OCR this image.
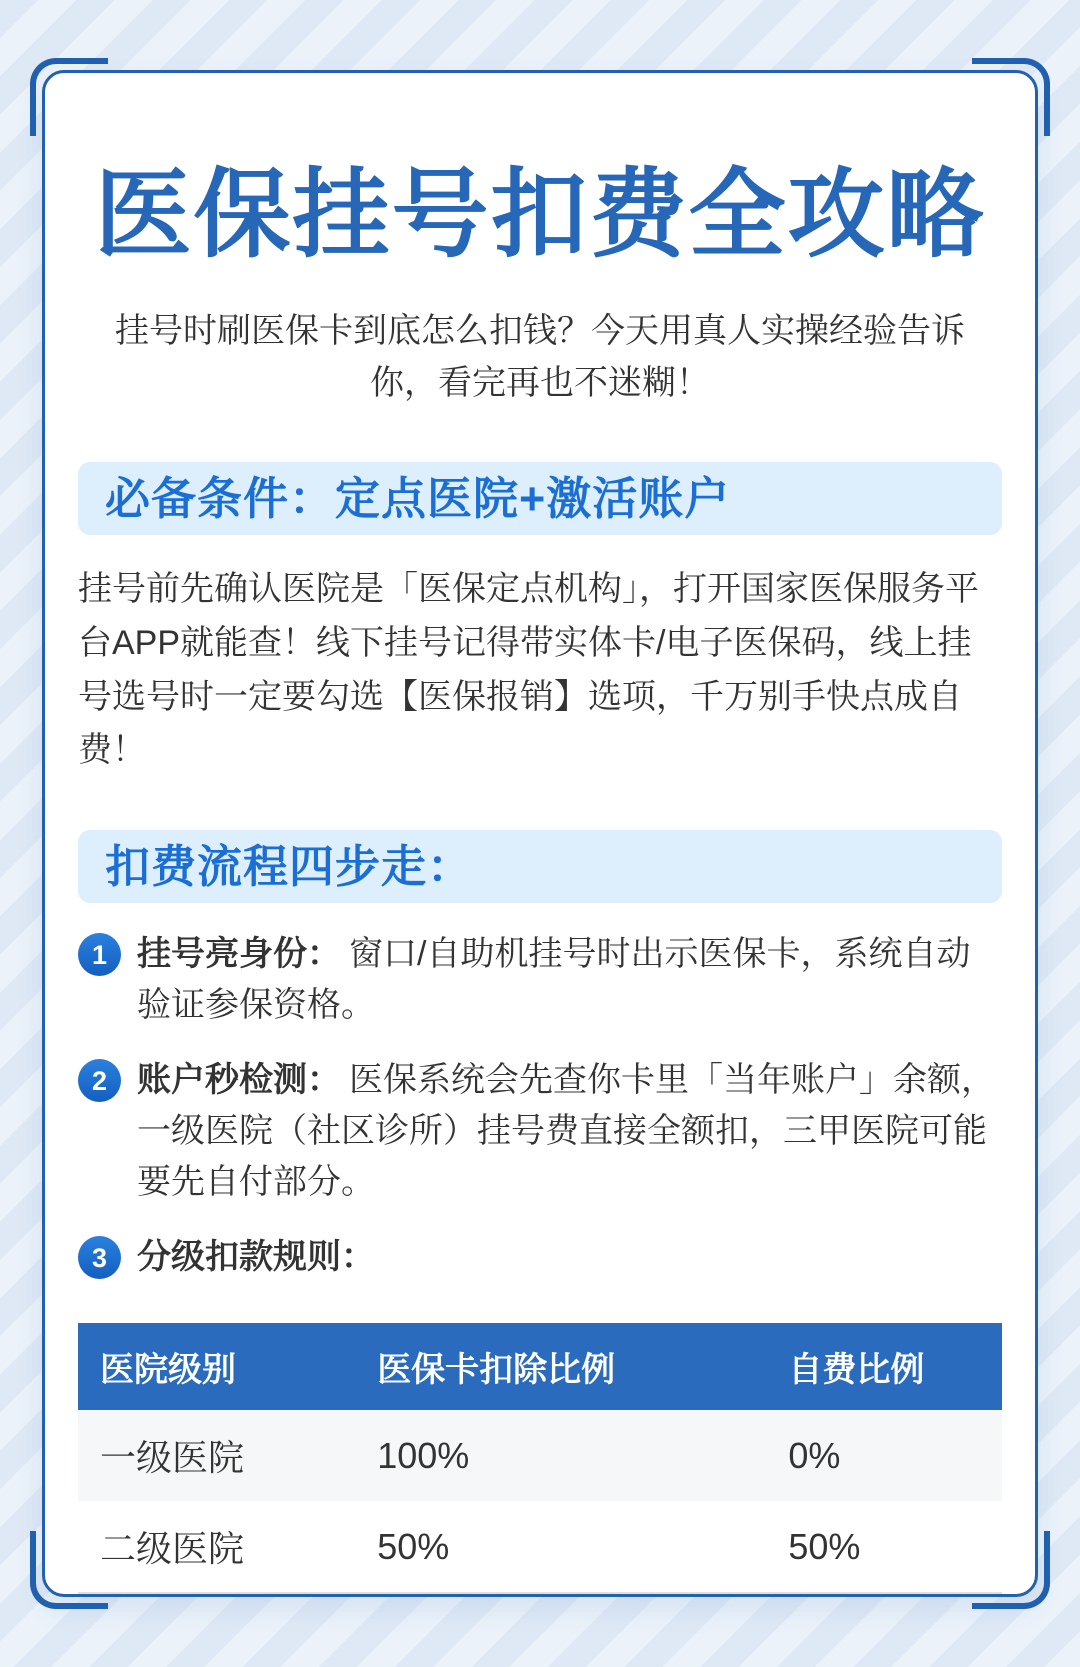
医保挂号扣费全攻略

挂号时刷医保卡到底怎么扣钱？今天用真人实操经验告诉你，看完再也不迷糊！

必备条件：定点医院+激活账户

挂号前先确认医院是「医保定点机构」，打开国家医保服务平台APP就能查！线下挂号记得带实体卡/电子医保码，线上挂号选号时一定要勾选【医保报销】选项，千万别手快点成自费！

扣费流程四步走：
1 挂号亮身份： 窗口/自助机挂号时出示医保卡，系统自动验证参保资格。
2 账户秒检测： 医保系统会先查你卡里「当年账户」余额，一级医院（社区诊所）挂号费直接全额扣，三甲医院可能要先自付部分。
3 分级扣款规则：
医院级别	医保卡扣除比例	自费比例
一级医院	100%	0%
二级医院	50%	50%
